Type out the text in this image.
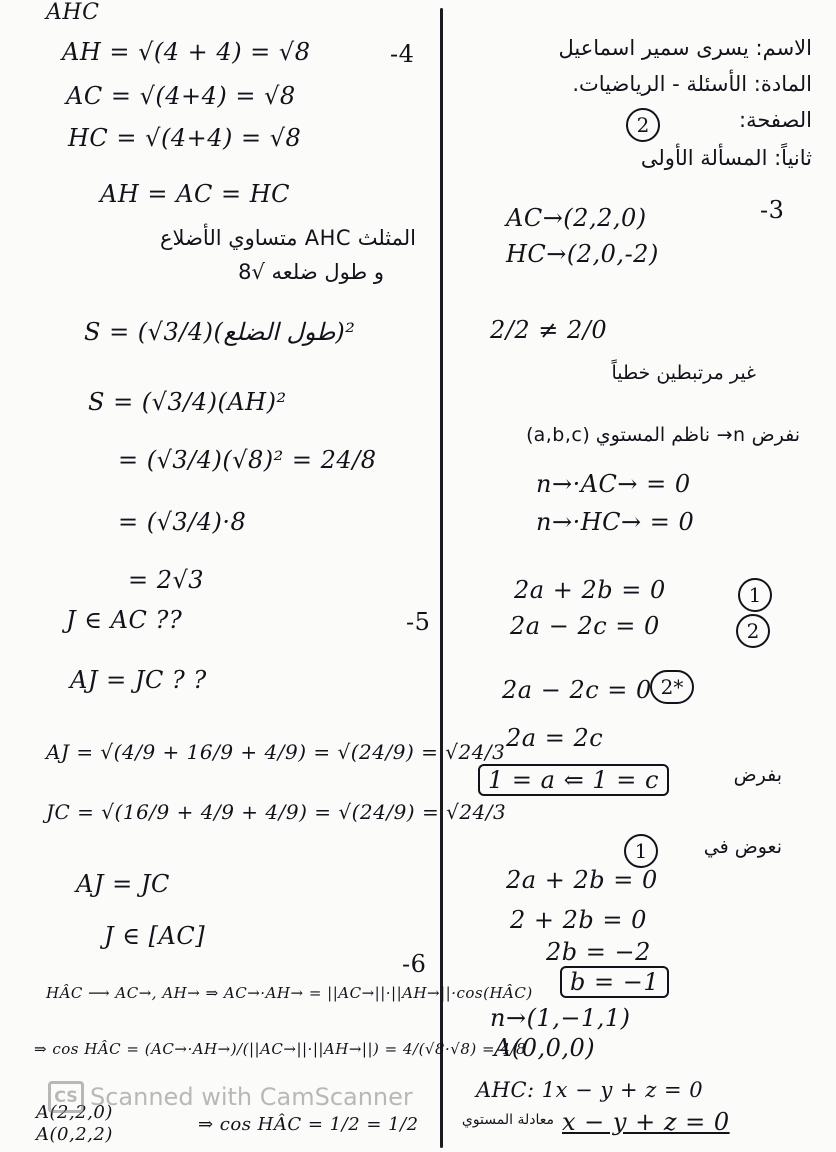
AHC
-4
AH = √(4 + 4) = √8
AC = √(4+4) = √8
HC = √(4+4) = √8
AH = AC = HC
المثلث AHC متساوي الأضلاع
و طول ضلعه √8
S = (√3/4)(طول الضلع)²
S = (√3/4)(AH)²
= (√3/4)(√8)² = 24/8
= (√3/4)·8
= 2√3
-5
J ∈ AC ??
AJ = JC ? ?
AJ = √(4/9 + 16/9 + 4/9) = √(24/9) = √24/3
JC = √(16/9 + 4/9 + 4/9) = √(24/9) = √24/3
AJ = JC
J ∈ [AC]
-6
HÂC ⟶ AC→, AH→ ⇒ AC→·AH→ = ||AC→||·||AH→||·cos(HÂC)
⇒ cos HÂC = (AC→·AH→)/(||AC→||·||AH→||) = 4/(√8·√8) = 4/8
A(2,2,0)
A(0,2,2)	⇒ cos HÂC = 1/2 = 1/2
الاسم: يسرى سمير اسماعيل
المادة: الأسئلة - الرياضيات.
الصفحة:
2
ثانياً: المسألة الأولى
-3
AC→(2,2,0)
HC→(2,0,-2)
2/2 ≠ 2/0
غير مرتبطين خطياً
نفرض n→ ناظم المستوي (a,b,c)
n→·AC→ = 0
n→·HC→ = 0
2a + 2b = 0	1
2a − 2c = 0	2
2a − 2c = 0 2*
2a = 2c
1 = a ⇐ 1 = c	بفرض
نعوض في
1
2a + 2b = 0
2 + 2b = 0
2b = −2
b = −1
n→(1,−1,1)
A(0,0,0)
AHC: 1x − y + z = 0
x − y + z = 0
معادلة المستوي
CS Scanned with CamScanner
